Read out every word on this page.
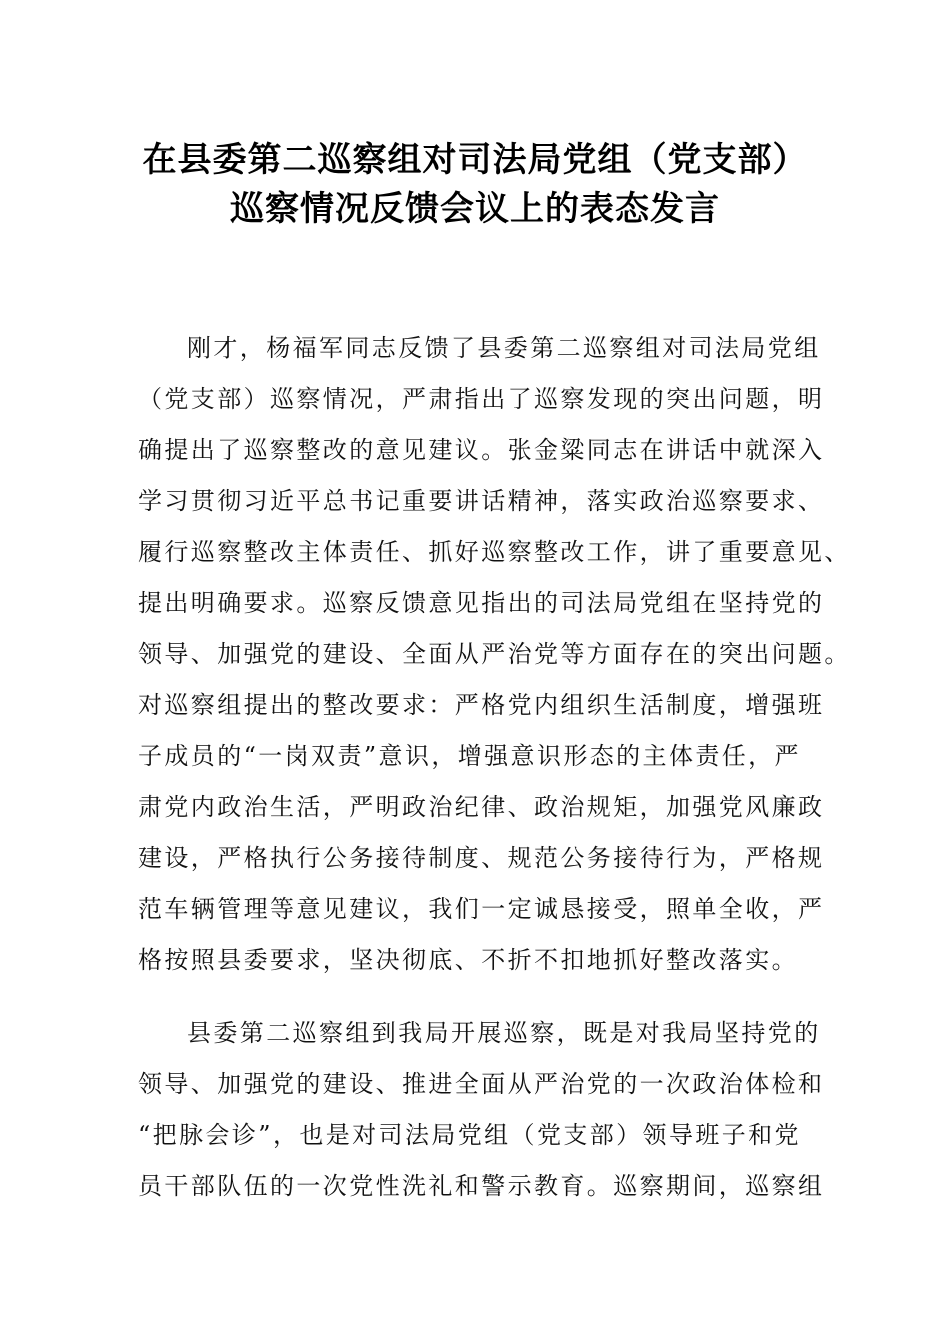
在县委第二巡察组对司法局党组（党支部）
巡察情况反馈会议上的表态发言
刚才，杨福军同志反馈了县委第二巡察组对司法局党组
（党支部）巡察情况，严肃指出了巡察发现的突出问题，明
确提出了巡察整改的意见建议。张金粱同志在讲话中就深入
学习贯彻习近平总书记重要讲话精神，落实政治巡察要求、
履行巡察整改主体责任、抓好巡察整改工作，讲了重要意见、
提出明确要求。巡察反馈意见指出的司法局党组在坚持党的
领导、加强党的建设、全面从严治党等方面存在的突出问题。
对巡察组提出的整改要求：严格党内组织生活制度，增强班
子成员的“一岗双责”意识，增强意识形态的主体责任，严
肃党内政治生活，严明政治纪律、政治规矩，加强党风廉政
建设，严格执行公务接待制度、规范公务接待行为，严格规
范车辆管理等意见建议，我们一定诚恳接受，照单全收，严
格按照县委要求，坚决彻底、不折不扣地抓好整改落实。
县委第二巡察组到我局开展巡察，既是对我局坚持党的
领导、加强党的建设、推进全面从严治党的一次政治体检和
“把脉会诊”，也是对司法局党组（党支部）领导班子和党
员干部队伍的一次党性洗礼和警示教育。巡察期间，巡察组
